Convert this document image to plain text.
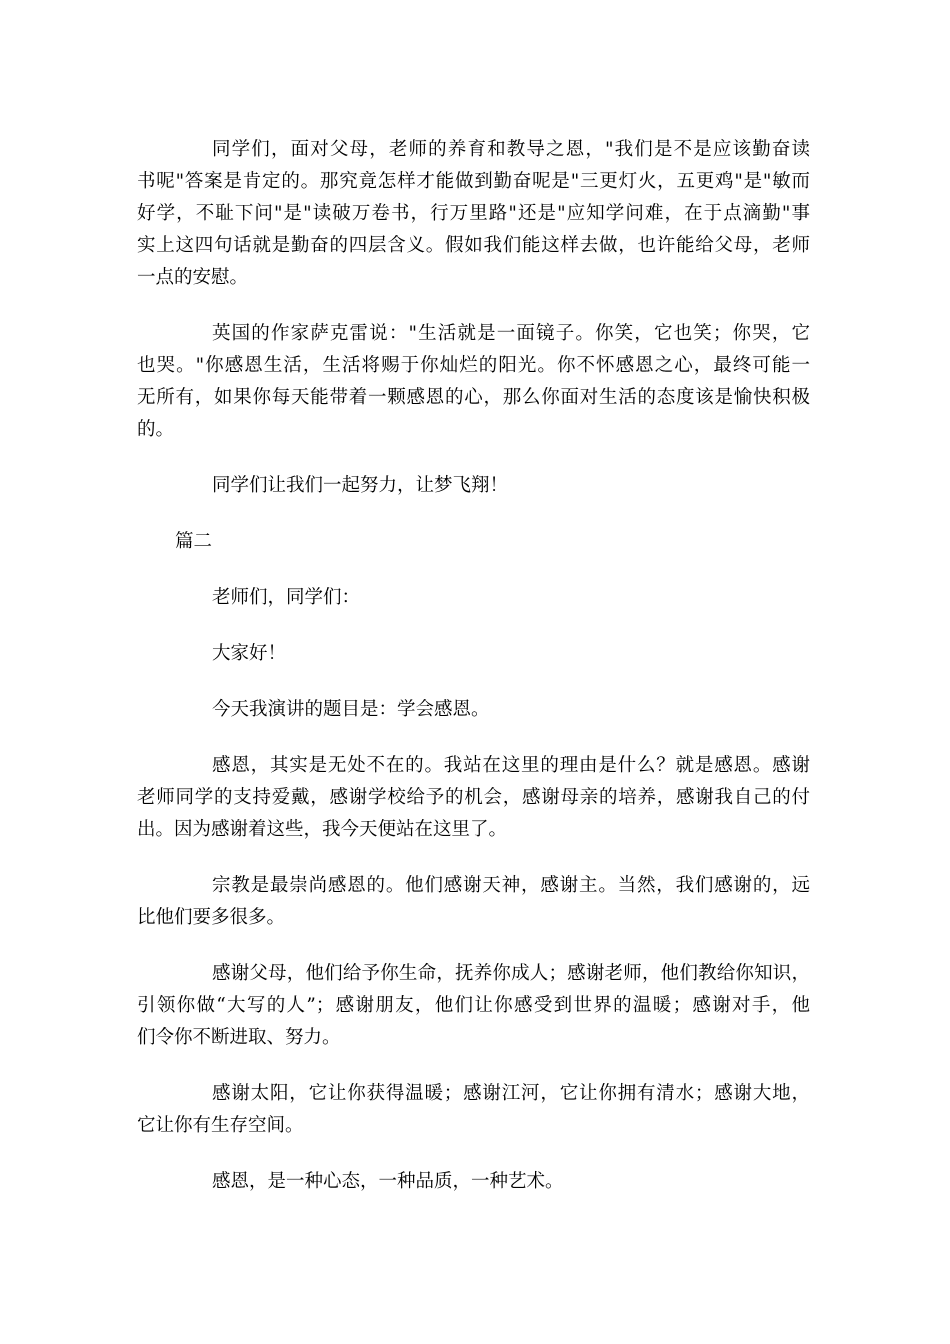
同学们，面对父母，老师的养育和教导之恩，"我们是不是应该勤奋读
书呢"答案是肯定的。那究竟怎样才能做到勤奋呢是"三更灯火，五更鸡"是"敏而
好学，不耻下问"是"读破万卷书，行万里路"还是"应知学问难，在于点滴勤"事
实上这四句话就是勤奋的四层含义。假如我们能这样去做，也许能给父母，老师
一点的安慰。
英国的作家萨克雷说："生活就是一面镜子。你笑，它也笑；你哭，它
也哭。"你感恩生活，生活将赐于你灿烂的阳光。你不怀感恩之心，最终可能一
无所有，如果你每天能带着一颗感恩的心，那么你面对生活的态度该是愉快积极
的。
同学们让我们一起努力，让梦飞翔！
篇二
老师们，同学们：
大家好！
今天我演讲的题目是：学会感恩。
感恩，其实是无处不在的。我站在这里的理由是什么？就是感恩。感谢
老师同学的支持爱戴，感谢学校给予的机会，感谢母亲的培养，感谢我自己的付
出。因为感谢着这些，我今天便站在这里了。
宗教是最崇尚感恩的。他们感谢天神，感谢主。当然，我们感谢的，远
比他们要多很多。
感谢父母，他们给予你生命，抚养你成人；感谢老师，他们教给你知识，
引领你做“大写的人”；感谢朋友，他们让你感受到世界的温暖；感谢对手，他
们令你不断进取、努力。
感谢太阳，它让你获得温暖；感谢江河，它让你拥有清水；感谢大地，
它让你有生存空间。
感恩，是一种心态，一种品质，一种艺术。
